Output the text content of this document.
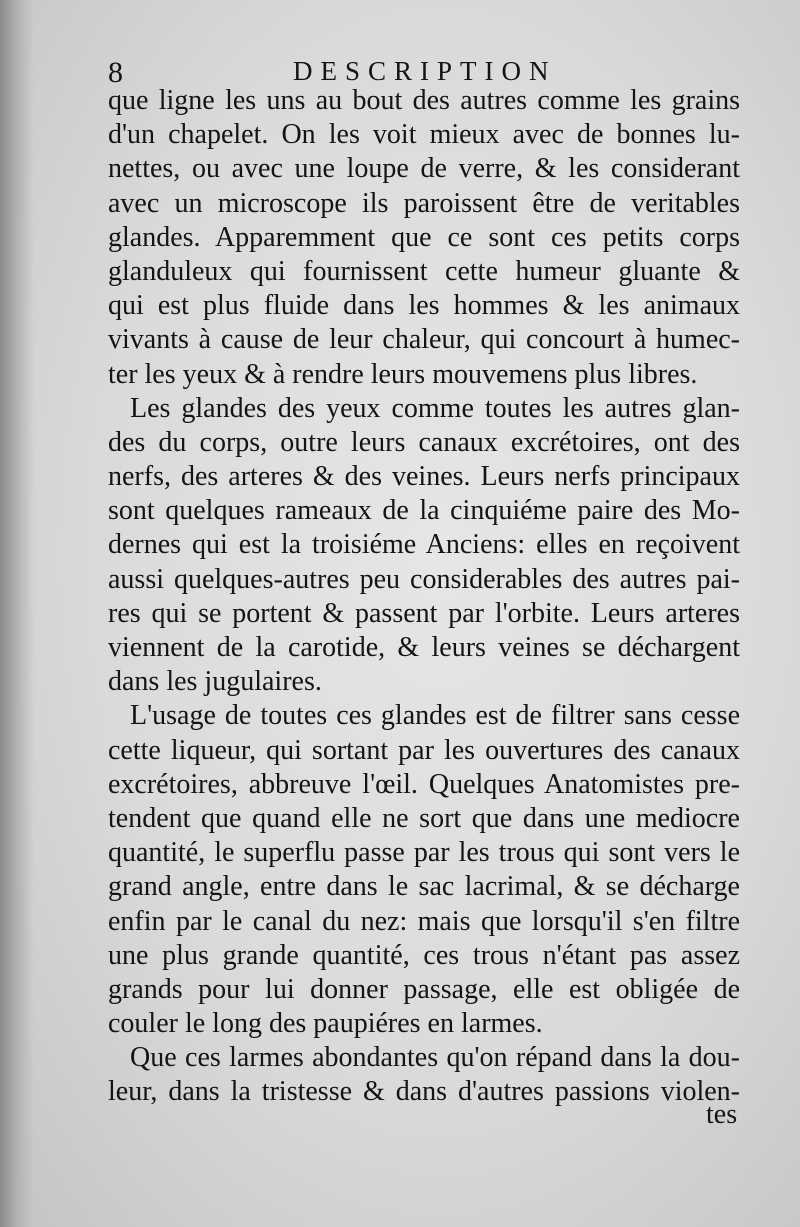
8	DESCRIPTION
que ligne les uns au bout des autres comme les grains
d'un chapelet. On les voit mieux avec de bonnes lu-
nettes, ou avec une loupe de verre, & les considerant
avec un microscope ils paroissent être de veritables
glandes. Apparemment que ce sont ces petits corps
glanduleux qui fournissent cette humeur gluante &
qui est plus fluide dans les hommes & les animaux
vivants à cause de leur chaleur, qui concourt à humec-
ter les yeux & à rendre leurs mouvemens plus libres.
Les glandes des yeux comme toutes les autres glan-
des du corps, outre leurs canaux excrétoires, ont des
nerfs, des arteres & des veines. Leurs nerfs principaux
sont quelques rameaux de la cinquiéme paire des Mo-
dernes qui est la troisiéme Anciens: elles en reçoivent
aussi quelques-autres peu considerables des autres pai-
res qui se portent & passent par l'orbite. Leurs arteres
viennent de la carotide, & leurs veines se déchargent
dans les jugulaires.
L'usage de toutes ces glandes est de filtrer sans cesse
cette liqueur, qui sortant par les ouvertures des canaux
excrétoires, abbreuve l'œil. Quelques Anatomistes pre-
tendent que quand elle ne sort que dans une mediocre
quantité, le superflu passe par les trous qui sont vers le
grand angle, entre dans le sac lacrimal, & se décharge
enfin par le canal du nez: mais que lorsqu'il s'en filtre
une plus grande quantité, ces trous n'étant pas assez
grands pour lui donner passage, elle est obligée de
couler le long des paupiéres en larmes.
Que ces larmes abondantes qu'on répand dans la dou-
leur, dans la tristesse & dans d'autres passions violen-
tes
